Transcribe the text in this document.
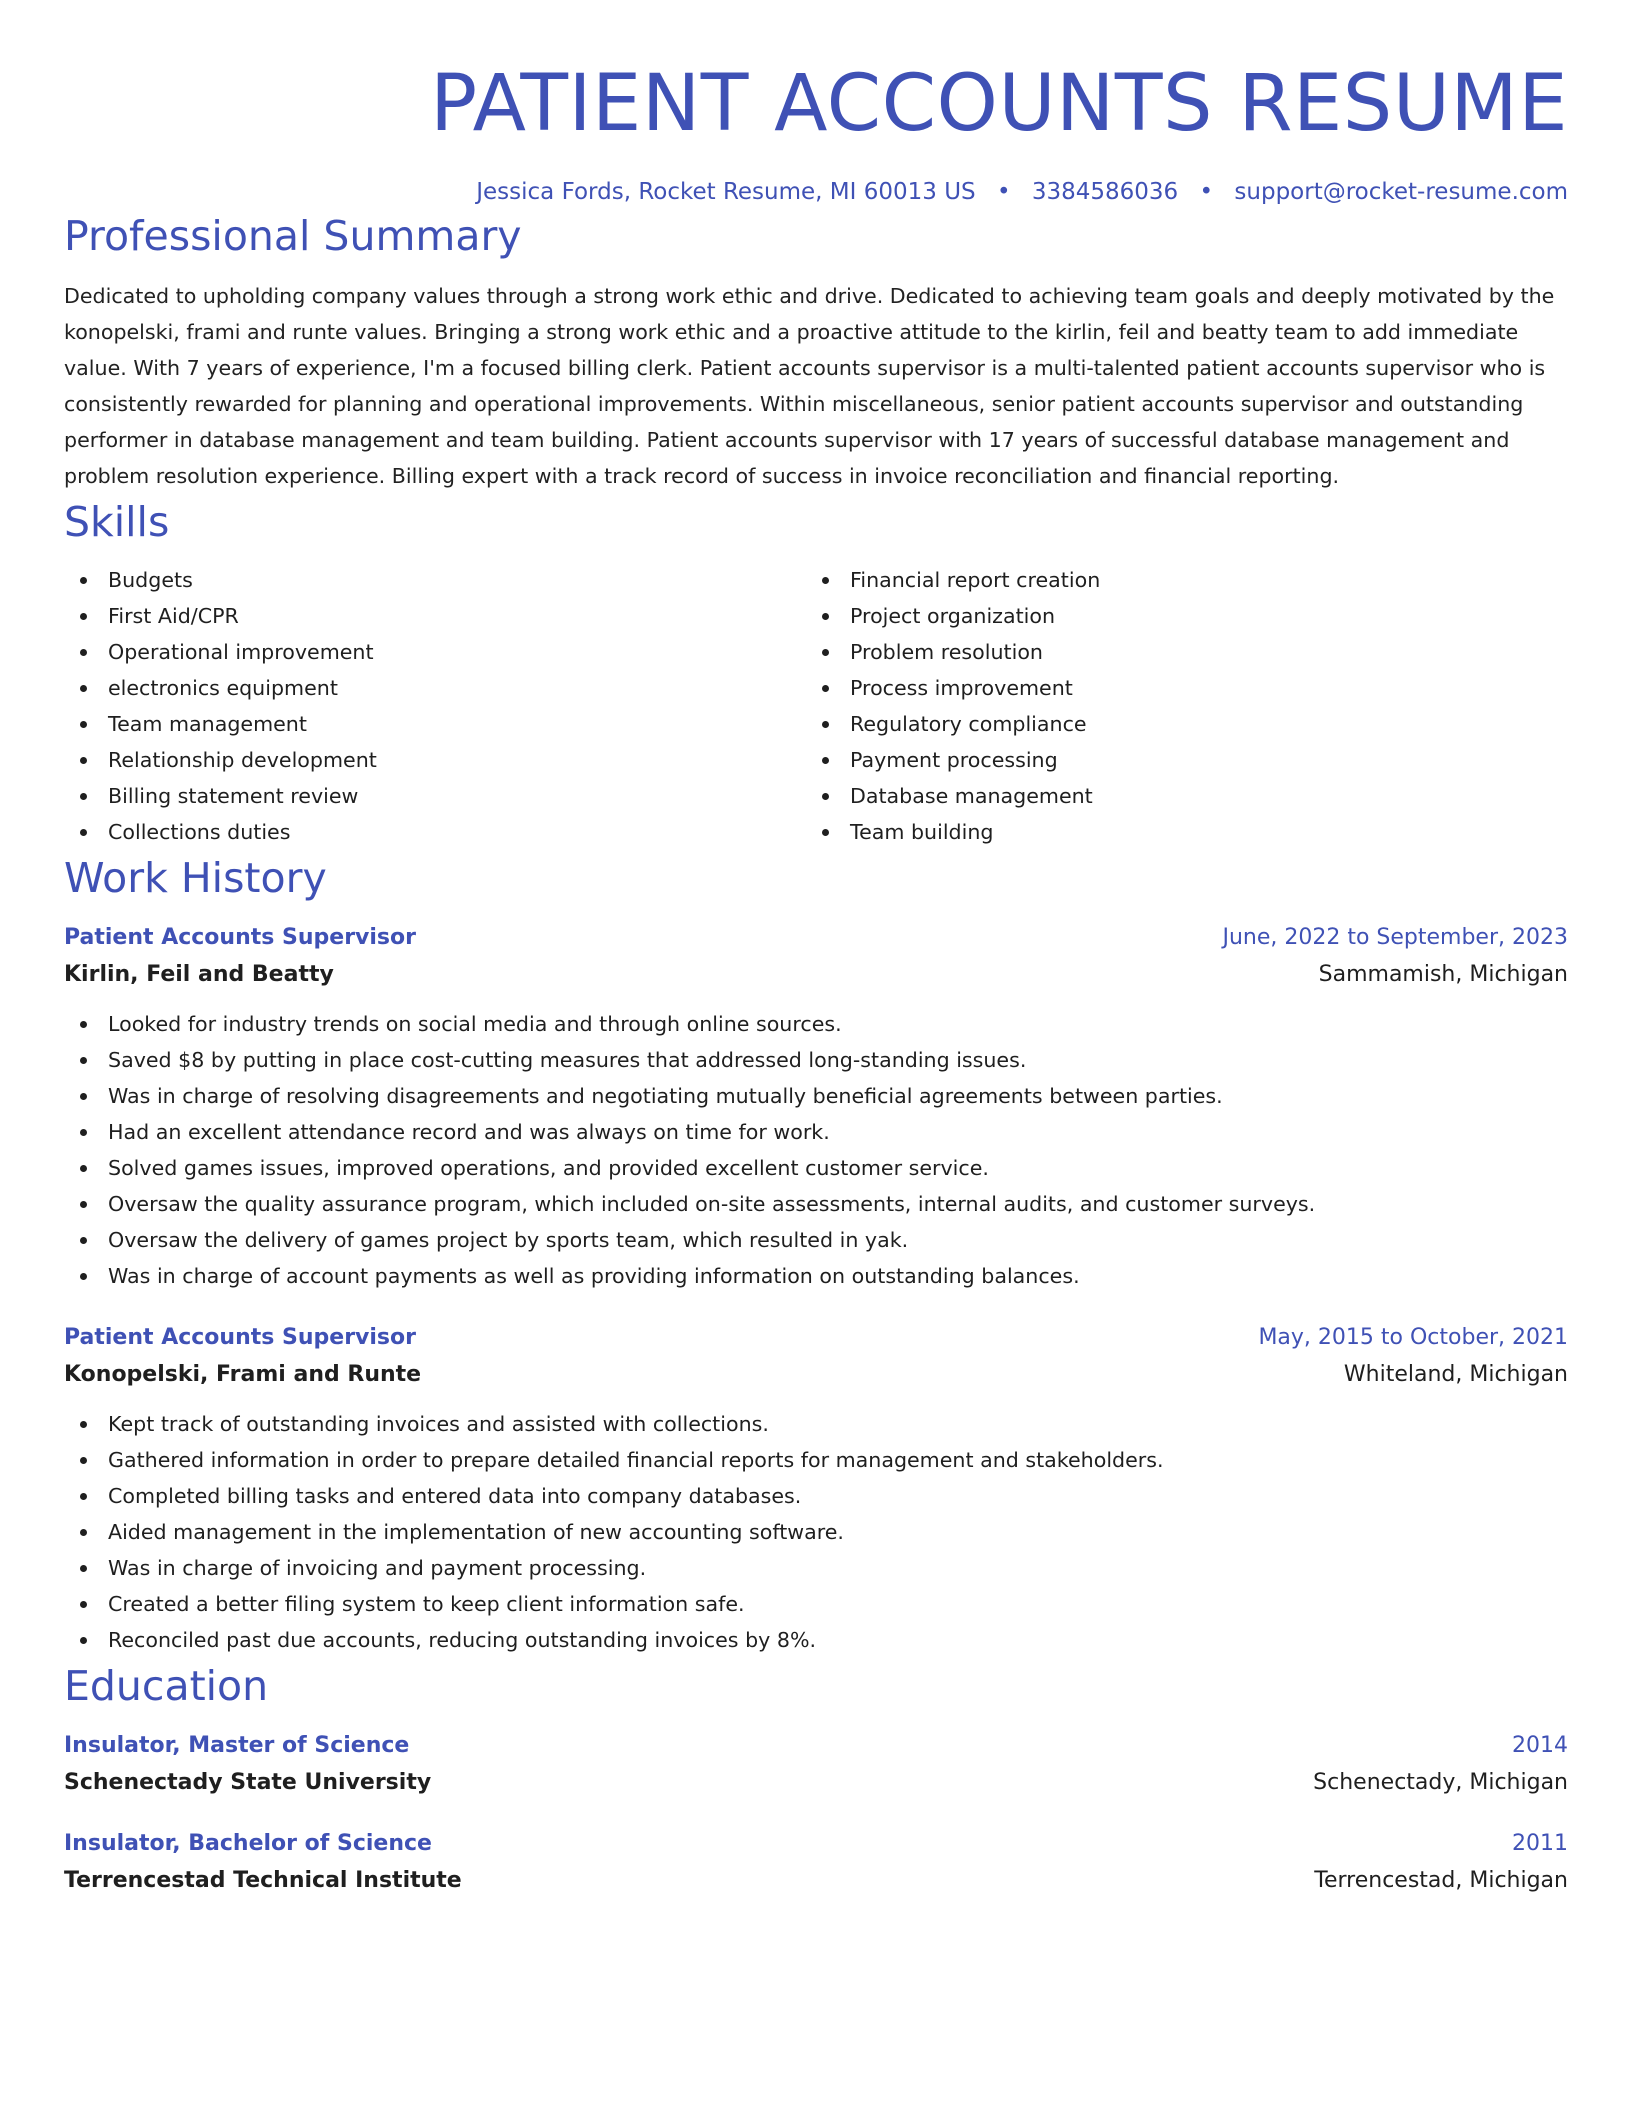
PATIENT ACCOUNTS RESUME
Jessica Fords, Rocket Resume, MI 60013 US • 3384586036 • support@rocket-resume.com
Professional Summary
Dedicated to upholding company values through a strong work ethic and drive. Dedicated to achieving team goals and deeply motivated by the konopelski, frami and runte values. Bringing a strong work ethic and a proactive attitude to the kirlin, feil and beatty team to add immediate value. With 7 years of experience, I'm a focused billing clerk. Patient accounts supervisor is a multi-talented patient accounts supervisor who is consistently rewarded for planning and operational improvements. Within miscellaneous, senior patient accounts supervisor and outstanding performer in database management and team building. Patient accounts supervisor with 17 years of successful database management and problem resolution experience. Billing expert with a track record of success in invoice reconciliation and financial reporting.
Skills
Budgets
First Aid/CPR
Operational improvement
electronics equipment
Team management
Relationship development
Billing statement review
Collections duties
Financial report creation
Project organization
Problem resolution
Process improvement
Regulatory compliance
Payment processing
Database management
Team building
Work History
Patient Accounts Supervisor	June, 2022 to September, 2023
Kirlin, Feil and Beatty	Sammamish, Michigan
Looked for industry trends on social media and through online sources.
Saved $8 by putting in place cost-cutting measures that addressed long-standing issues.
Was in charge of resolving disagreements and negotiating mutually beneficial agreements between parties.
Had an excellent attendance record and was always on time for work.
Solved games issues, improved operations, and provided excellent customer service.
Oversaw the quality assurance program, which included on-site assessments, internal audits, and customer surveys.
Oversaw the delivery of games project by sports team, which resulted in yak.
Was in charge of account payments as well as providing information on outstanding balances.
Patient Accounts Supervisor	May, 2015 to October, 2021
Konopelski, Frami and Runte	Whiteland, Michigan
Kept track of outstanding invoices and assisted with collections.
Gathered information in order to prepare detailed financial reports for management and stakeholders.
Completed billing tasks and entered data into company databases.
Aided management in the implementation of new accounting software.
Was in charge of invoicing and payment processing.
Created a better filing system to keep client information safe.
Reconciled past due accounts, reducing outstanding invoices by 8%.
Education
Insulator, Master of Science	2014
Schenectady State University	Schenectady, Michigan
Insulator, Bachelor of Science	2011
Terrencestad Technical Institute	Terrencestad, Michigan
